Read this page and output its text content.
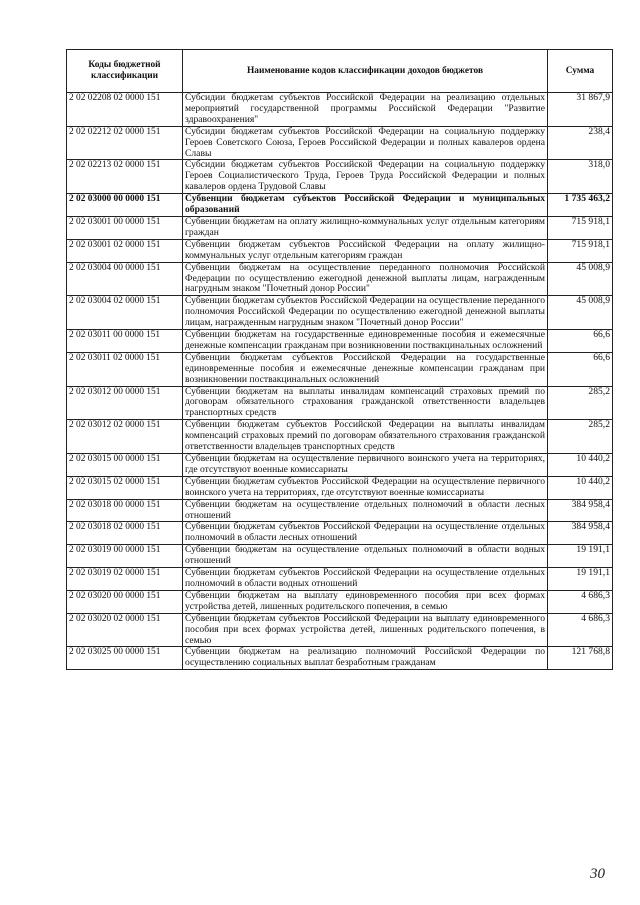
Коды бюджетной классификации	Наименование кодов классификации доходов бюджетов	Сумма
2 02 02208 02 0000 151	Субсидии бюджетам субъектов Российской Федерации на реализацию отдельных мероприятий государственной программы Российской Федерации "Развитие здравоохранения"	31 867,9
2 02 02212 02 0000 151	Субсидии бюджетам субъектов Российской Федерации на социальную поддержку Героев Советского Союза, Героев Российской Федерации и полных кавалеров ордена Славы	238,4
2 02 02213 02 0000 151	Субсидии бюджетам субъектов Российской Федерации на социальную поддержку Героев Социалистического Труда, Героев Труда Российской Федерации и полных кавалеров ордена Трудовой Славы	318,0
2 02 03000 00 0000 151	Субвенции бюджетам субъектов Российской Федерации и муниципальных образований	1 735 463,2
2 02 03001 00 0000 151	Субвенции бюджетам на оплату жилищно-коммунальных услуг отдельным категориям граждан	715 918,1
2 02 03001 02 0000 151	Субвенции бюджетам субъектов Российской Федерации на оплату жилищно-коммунальных услуг отдельным категориям граждан	715 918,1
2 02 03004 00 0000 151	Субвенции бюджетам на осуществление переданного полномочия Российской Федерации по осуществлению ежегодной денежной выплаты лицам, награжденным нагрудным знаком "Почетный донор России"	45 008,9
2 02 03004 02 0000 151	Субвенции бюджетам субъектов Российской Федерации на осуществление переданного полномочия Российской Федерации по осуществлению ежегодной денежной выплаты лицам, награжденным нагрудным знаком "Почетный донор России"	45 008,9
2 02 03011 00 0000 151	Субвенции бюджетам на государственные единовременные пособия и ежемесячные денежные компенсации гражданам при возникновении поствакцинальных осложнений	66,6
2 02 03011 02 0000 151	Субвенции бюджетам субъектов Российской Федерации на государственные единовременные пособия и ежемесячные денежные компенсации гражданам при возникновении поствакцинальных осложнений	66,6
2 02 03012 00 0000 151	Субвенции бюджетам на выплаты инвалидам компенсаций страховых премий по договорам обязательного страхования гражданской ответственности владельцев транспортных средств	285,2
2 02 03012 02 0000 151	Субвенции бюджетам субъектов Российской Федерации на выплаты инвалидам компенсаций страховых премий по договорам обязательного страхования гражданской ответственности владельцев транспортных средств	285,2
2 02 03015 00 0000 151	Субвенции бюджетам на осуществление первичного воинского учета на территориях, где отсутствуют военные комиссариаты	10 440,2
2 02 03015 02 0000 151	Субвенции бюджетам субъектов Российской Федерации на осуществление первичного воинского учета на территориях, где отсутствуют военные комиссариаты	10 440,2
2 02 03018 00 0000 151	Субвенции бюджетам на осуществление отдельных полномочий в области лесных отношений	384 958,4
2 02 03018 02 0000 151	Субвенции бюджетам субъектов Российской Федерации на осуществление отдельных полномочий в области лесных отношений	384 958,4
2 02 03019 00 0000 151	Субвенции бюджетам на осуществление отдельных полномочий в области водных отношений	19 191,1
2 02 03019 02 0000 151	Субвенции бюджетам субъектов Российской Федерации на осуществление отдельных полномочий в области водных отношений	19 191,1
2 02 03020 00 0000 151	Субвенции бюджетам на выплату единовременного пособия при всех формах устройства детей, лишенных родительского попечения, в семью	4 686,3
2 02 03020 02 0000 151	Субвенции бюджетам субъектов Российской Федерации на выплату единовременного пособия при всех формах устройства детей, лишенных родительского попечения, в семью	4 686,3
2 02 03025 00 0000 151	Субвенции бюджетам на реализацию полномочий Российской Федерации по осуществлению социальных выплат безработным гражданам	121 768,8
30
